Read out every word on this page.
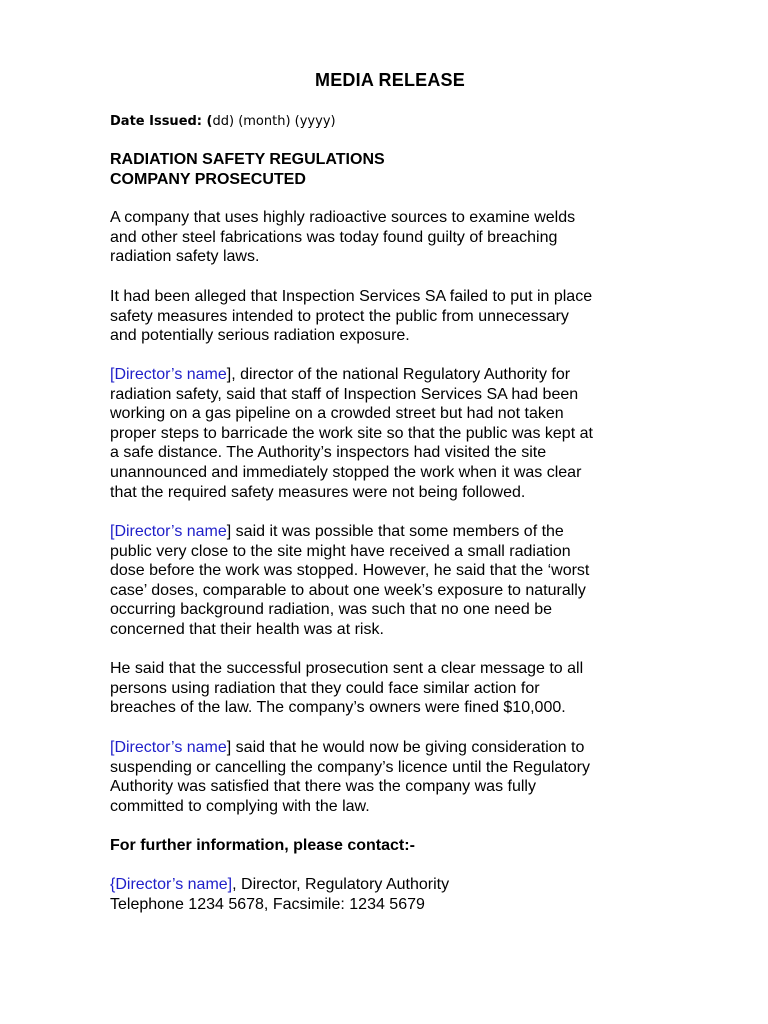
MEDIA RELEASE
Date Issued: (dd) (month) (yyyy)
RADIATION SAFETY REGULATIONS
COMPANY PROSECUTED
A company that uses highly radioactive sources to examine welds
and other steel fabrications was today found guilty of breaching
radiation safety laws.
It had been alleged that Inspection Services SA failed to put in place
safety measures intended to protect the public from unnecessary
and potentially serious radiation exposure.
[Director’s name], director of the national Regulatory Authority for
radiation safety, said that staff of Inspection Services SA had been
working on a gas pipeline on a crowded street but had not taken
proper steps to barricade the work site so that the public was kept at
a safe distance. The Authority’s inspectors had visited the site
unannounced and immediately stopped the work when it was clear
that the required safety measures were not being followed.
[Director’s name] said it was possible that some members of the
public very close to the site might have received a small radiation
dose before the work was stopped. However, he said that the ‘worst
case’ doses, comparable to about one week’s exposure to naturally
occurring background radiation, was such that no one need be
concerned that their health was at risk.
He said that the successful prosecution sent a clear message to all
persons using radiation that they could face similar action for
breaches of the law. The company’s owners were fined $10,000.
[Director’s name] said that he would now be giving consideration to
suspending or cancelling the company’s licence until the Regulatory
Authority was satisfied that there was the company was fully
committed to complying with the law.
For further information, please contact:-
{Director’s name], Director, Regulatory Authority
Telephone 1234 5678, Facsimile: 1234 5679
